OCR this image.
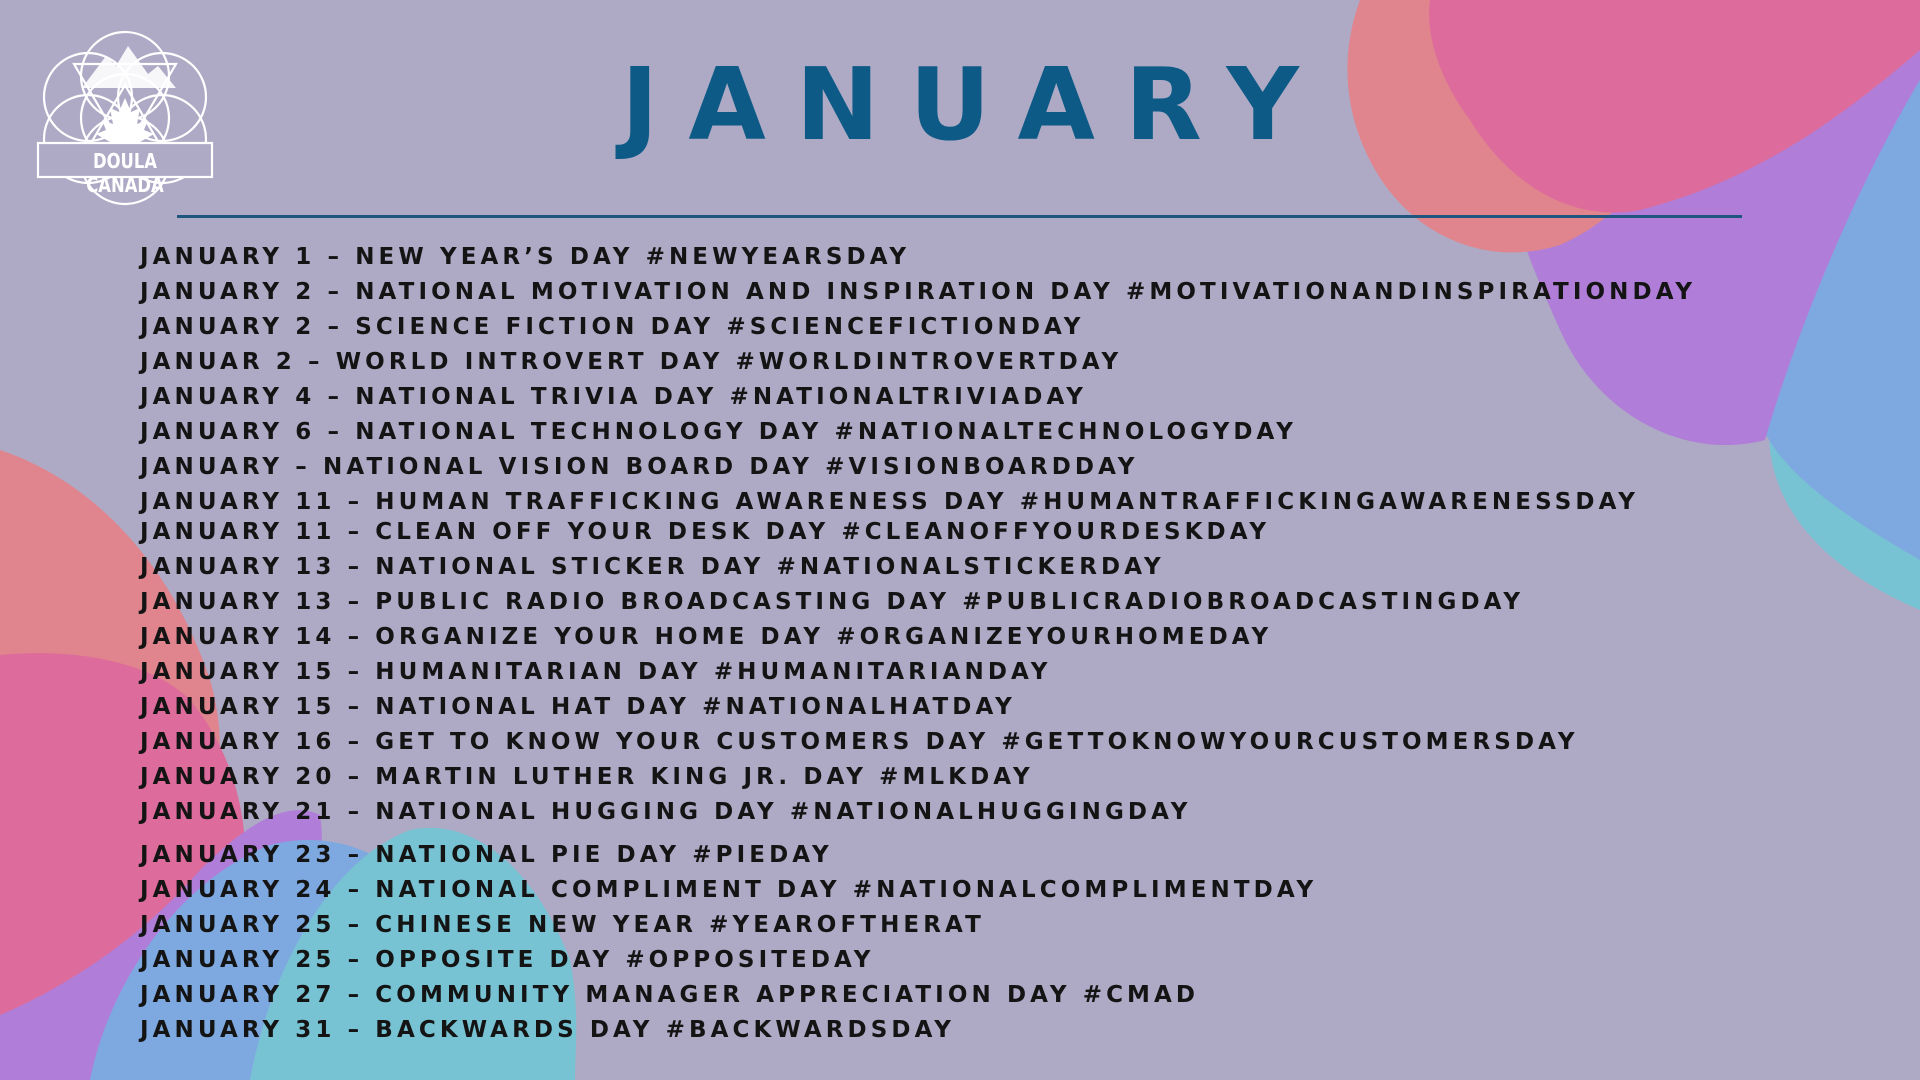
DOULA CANADA
JANUARY
JANUARY 1 – NEW YEAR’S DAY #NEWYEARSDAY
JANUARY 2 – NATIONAL MOTIVATION AND INSPIRATION DAY #MOTIVATIONANDINSPIRATIONDAY
JANUARY 2 – SCIENCE FICTION DAY #SCIENCEFICTIONDAY
JANUAR 2 – WORLD INTROVERT DAY #WORLDINTROVERTDAY
JANUARY 4 – NATIONAL TRIVIA DAY #NATIONALTRIVIADAY
JANUARY 6 – NATIONAL TECHNOLOGY DAY #NATIONALTECHNOLOGYDAY
JANUARY – NATIONAL VISION BOARD DAY #VISIONBOARDDAY
JANUARY 11 – HUMAN TRAFFICKING AWARENESS DAY #HUMANTRAFFICKINGAWARENESSDAY
JANUARY 11 – CLEAN OFF YOUR DESK DAY #CLEANOFFYOURDESKDAY
JANUARY 13 – NATIONAL STICKER DAY #NATIONALSTICKERDAY
JANUARY 13 – PUBLIC RADIO BROADCASTING DAY #PUBLICRADIOBROADCASTINGDAY
JANUARY 14 – ORGANIZE YOUR HOME DAY #ORGANIZEYOURHOMEDAY
JANUARY 15 – HUMANITARIAN DAY #HUMANITARIANDAY
JANUARY 15 – NATIONAL HAT DAY #NATIONALHATDAY
JANUARY 16 – GET TO KNOW YOUR CUSTOMERS DAY #GETTOKNOWYOURCUSTOMERSDAY
JANUARY 20 – MARTIN LUTHER KING JR. DAY #MLKDAY
JANUARY 21 – NATIONAL HUGGING DAY #NATIONALHUGGINGDAY
JANUARY 23 – NATIONAL PIE DAY #PIEDAY
JANUARY 24 – NATIONAL COMPLIMENT DAY #NATIONALCOMPLIMENTDAY
JANUARY 25 – CHINESE NEW YEAR #YEAROFTHERAT
JANUARY 25 – OPPOSITE DAY #OPPOSITEDAY
JANUARY 27 – COMMUNITY MANAGER APPRECIATION DAY #CMAD
JANUARY 31 – BACKWARDS DAY #BACKWARDSDAY
